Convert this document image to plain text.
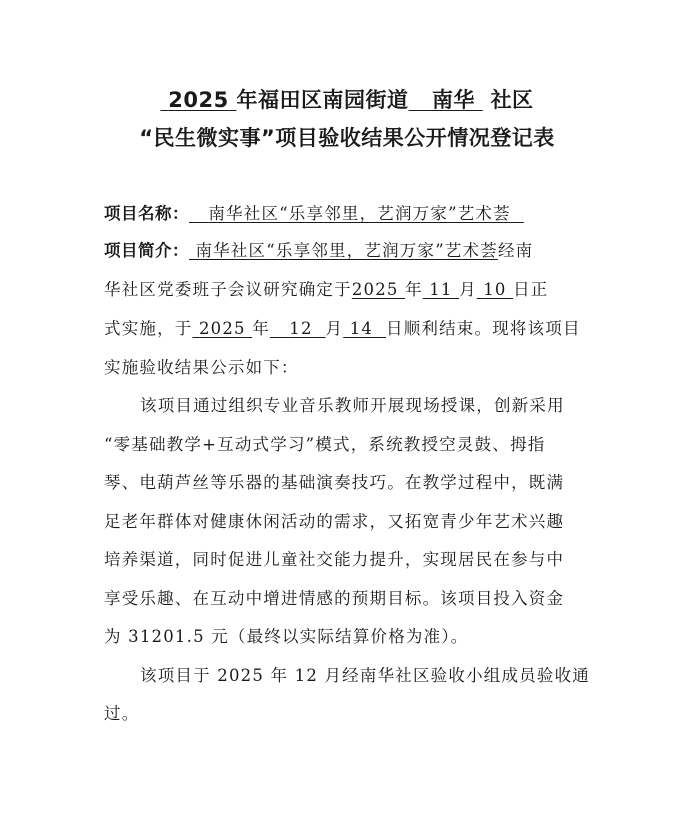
2025 年福田区南园街道 南华 社区
“民生微实事”项目验收结果公开情况登记表
项目名称： 南华社区“乐享邻里，艺润万家”艺术荟
项目简介： 南华社区“乐享邻里，艺润万家”艺术荟经南
华社区党委班子会议研究确定于2025 年 11 月 10 日正
式实施，于 2025 年 12 月 14 日顺利结束。现将该项目
实施验收结果公示如下：
该项目通过组织专业音乐教师开展现场授课，创新采用
“零基础教学+互动式学习”模式，系统教授空灵鼓、拇指
琴、电葫芦丝等乐器的基础演奏技巧。在教学过程中，既满
足老年群体对健康休闲活动的需求，又拓宽青少年艺术兴趣
培养渠道，同时促进儿童社交能力提升，实现居民在参与中
享受乐趣、在互动中增进情感的预期目标。该项目投入资金
为 31201.5 元（最终以实际结算价格为准）。
该项目于 2025 年 12 月经南华社区验收小组成员验收通
过。
